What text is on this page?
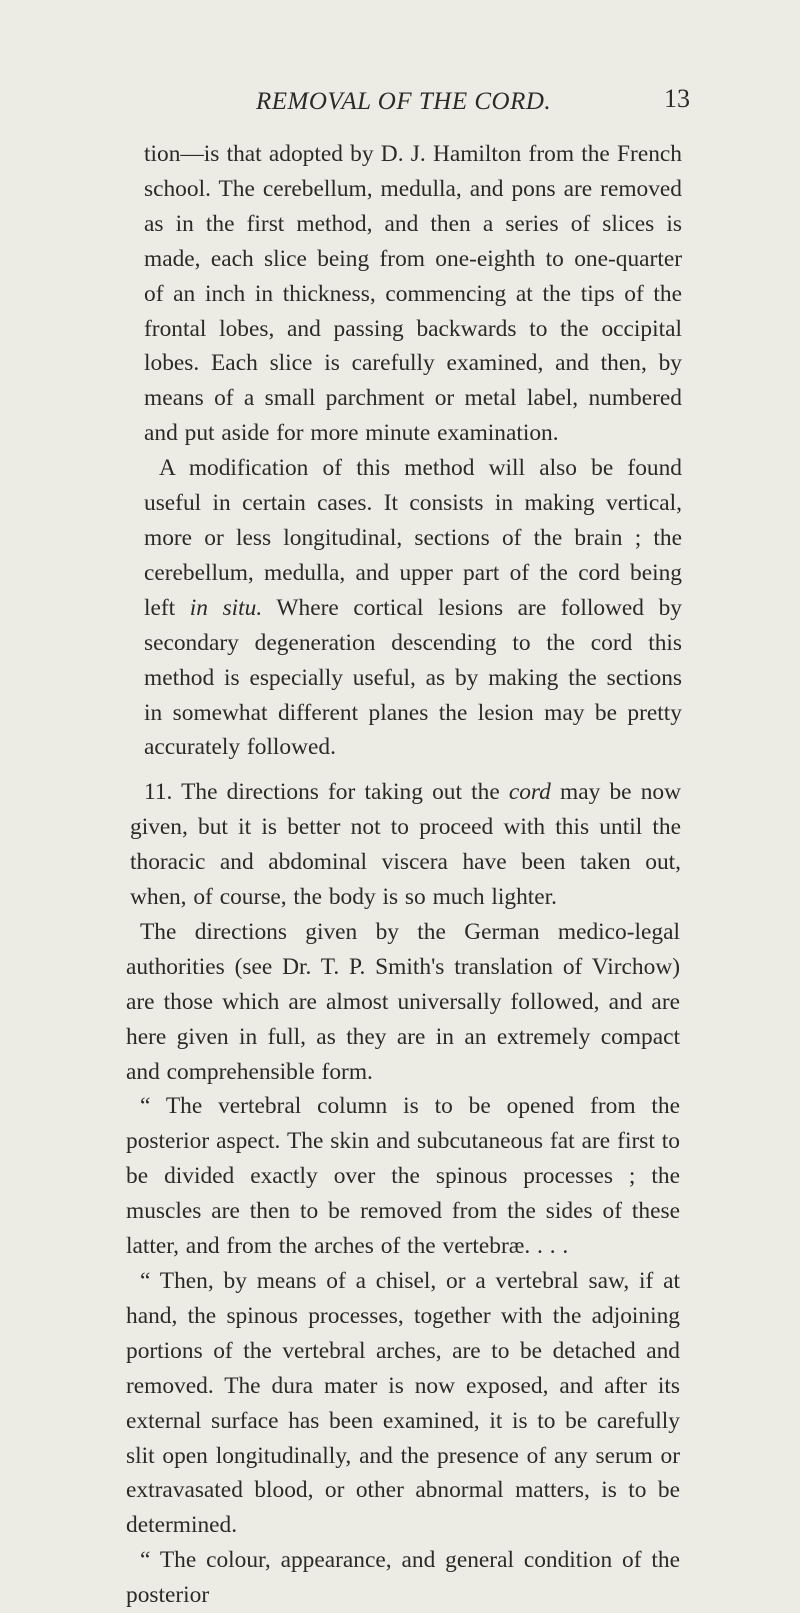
REMOVAL OF THE CORD.	13

tion—is that adopted by D. J. Hamilton from the French school. The cerebellum, medulla, and pons are removed as in the first method, and then a series of slices is made, each slice being from one-eighth to one-quarter of an inch in thickness, commencing at the tips of the frontal lobes, and passing backwards to the occipital lobes. Each slice is carefully examined, and then, by means of a small parchment or metal label, numbered and put aside for more minute examination.

A modification of this method will also be found useful in certain cases. It consists in making vertical, more or less longitudinal, sections of the brain ; the cerebellum, medulla, and upper part of the cord being left in situ. Where cortical lesions are followed by secondary degeneration descending to the cord this method is especially useful, as by making the sections in somewhat different planes the lesion may be pretty accurately followed.

11. The directions for taking out the cord may be now given, but it is better not to proceed with this until the thoracic and abdominal viscera have been taken out, when, of course, the body is so much lighter.

The directions given by the German medico-legal authorities (see Dr. T. P. Smith's translation of Virchow) are those which are almost universally followed, and are here given in full, as they are in an extremely compact and comprehensible form.

“ The vertebral column is to be opened from the posterior aspect. The skin and subcutaneous fat are first to be divided exactly over the spinous processes ; the muscles are then to be removed from the sides of these latter, and from the arches of the vertebræ. . . .

“ Then, by means of a chisel, or a vertebral saw, if at hand, the spinous processes, together with the adjoining portions of the vertebral arches, are to be detached and removed. The dura mater is now exposed, and after its external surface has been examined, it is to be carefully slit open longitudinally, and the presence of any serum or extravasated blood, or other abnormal matters, is to be determined.

“ The colour, appearance, and general condition of the posterior
